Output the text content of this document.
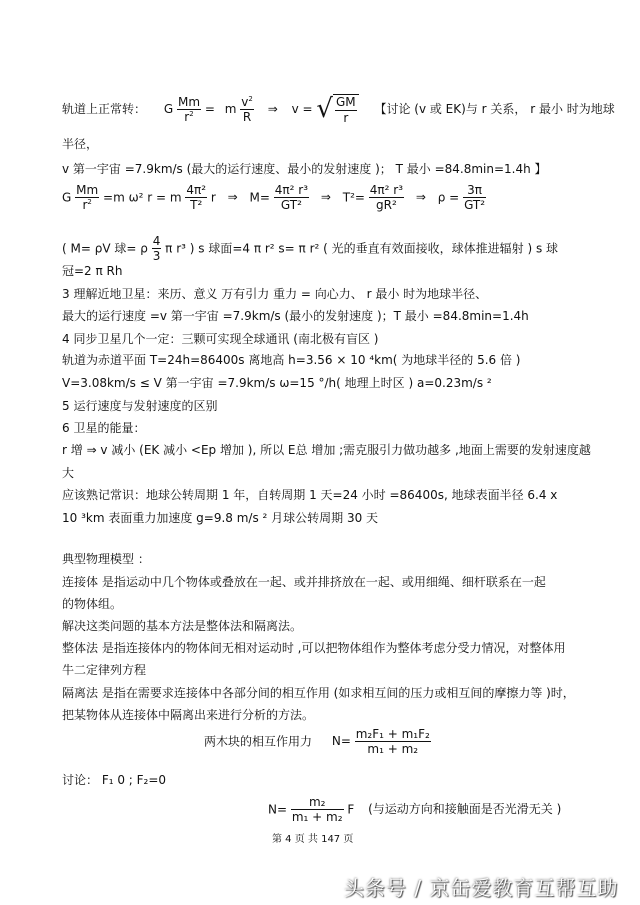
轨道上正常转： G $\frac{Mm}{r^2} = m \frac{v^2}{R}$ ⇒ v = √ $\frac{GM}{r}$ 【讨论 (v 或 EK)与 r 关系， r 最小 时为地球
半径，
v 第一宇宙 =7.9km/s (最大的运行速度、最小的发射速度 )； T 最小 =84.8min=1.4h 】
G $\frac{Mm}{r^2} =m$ ω² r = m $\frac{\text{4π²}}{\text{T²}}$ r ⇒ $M= \frac{\text{4π² r³}}{\text{GT²}}$ ⇒ $T^2= \frac{\text{4π² r³}}{\text{gR²}}$ ⇒ $\rho = \frac{3\pi}{\text{GT²}}$
( M= ρV 球= ρ $\frac{4}{3}$ π r³ ) s 球面=4 π r² s= π r² ( 光的垂直有效面接收，球体推进辐射 ) s 球
冠=2 π Rh
3 理解近地卫星：来历、意义 万有引力 重力 = 向心力、 r 最小 时为地球半径、
最大的运行速度 =v 第一宇宙 =7.9km/s (最小的发射速度 )；T 最小 =84.8min=1.4h
4 同步卫星几个一定：三颗可实现全球通讯 (南北极有盲区 )
轨道为赤道平面 T=24h=86400s 离地高 h=3.56 × 10 ⁴km( 为地球半径的 5.6 倍 )
V=3.08km/s ≤ V 第一宇宙 =7.9km/s ω=15 °/h( 地理上时区 ) a=0.23m/s ²
5 运行速度与发射速度的区别
6 卫星的能量：
r 增 ⇒ v 减小 (EK 减小 <Ep 增加 ), 所以 E总 增加 ;需克服引力做功越多 ,地面上需要的发射速度越
大
应该熟记常识：地球公转周期 1 年，自转周期 1 天=24 小时 =86400s, 地球表面半径 6.4 x
10 ³km 表面重力加速度 g=9.8 m/s ² 月球公转周期 30 天
典型物理模型 ：
连接体 是指运动中几个物体或叠放在一起、或并排挤放在一起、或用细绳、细杆联系在一起
的物体组。
解决这类问题的基本方法是整体法和隔离法。
整体法 是指连接体内的物体间无相对运动时 ,可以把物体组作为整体考虑分受力情况，对整体用
牛二定律列方程
隔离法 是指在需要求连接体中各部分间的相互作用 (如求相互间的压力或相互间的摩擦力等 )时，
把某物体从连接体中隔离出来进行分析的方法。
两木块的相互作用力 $N= \frac{\text{m₂F₁ + m₁F₂}}{\text{m₁ + m₂}}$
讨论： F₁ 0 ; F₂=0
$N= \frac{\text{m₂}}{\text{m₁ + m₂}}$ F (与运动方向和接触面是否光滑无关 )
第 4 页 共 147 页
头条号 / 京缶爱教育互帮互助
